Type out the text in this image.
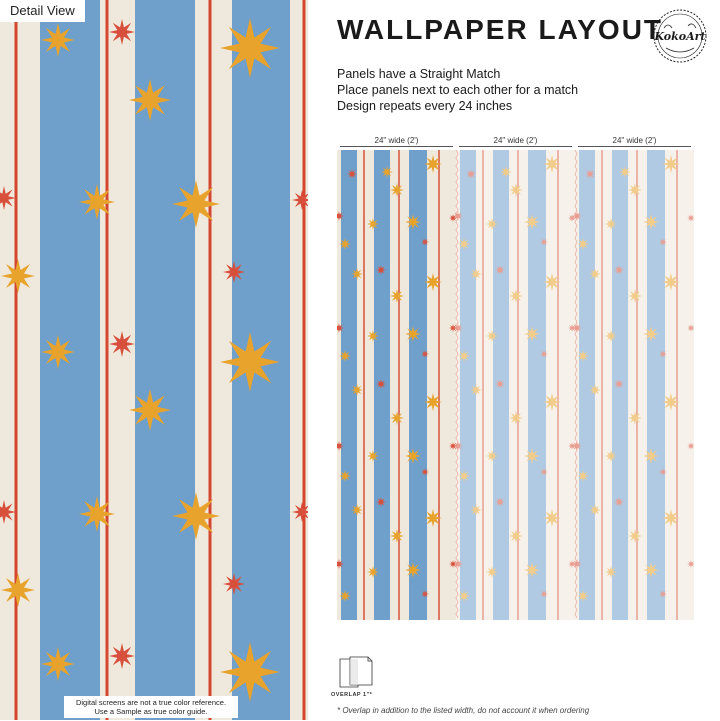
Detail View
Digital screens are not a true color reference.
Use a Sample as true color guide.
WALLPAPER LAYOUT
KokoArt
Panels have a Straight Match
Place panels next to each other for a match
Design repeats every 24 inches
24" wide (2')	24" wide (2')	24" wide (2')
OVERLAP 1"*
* Overlap in addition to the listed width, do not account it when ordering
